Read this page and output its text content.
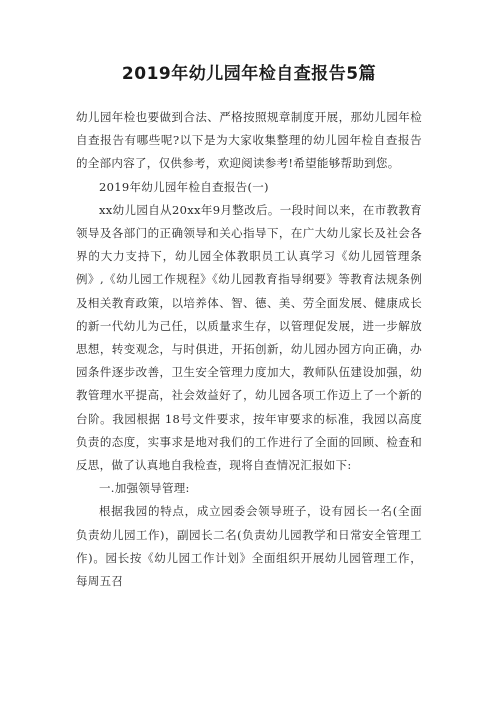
2019年幼儿园年检自查报告5篇

幼儿园年检也要做到合法、严格按照规章制度开展，那幼儿园年检自查报告有哪些呢?以下是为大家收集整理的幼儿园年检自查报告的全部内容了，仅供参考，欢迎阅读参考!希望能够帮助到您。

2019年幼儿园年检自查报告(一)

xx幼儿园自从20xx年9月整改后。一段时间以来，在市教教育领导及各部门的正确领导和关心指导下，在广大幼儿家长及社会各界的大力支持下，幼儿园全体教职员工认真学习《幼儿园管理条例》,《幼儿园工作规程》《幼儿园教育指导纲要》等教育法规条例及相关教育政策，以培养体、智、德、美、劳全面发展、健康成长的新一代幼儿为己任，以质量求生存，以管理促发展，进一步解放思想，转变观念，与时俱进，开拓创新，幼儿园办园方向正确，办园条件逐步改善，卫生安全管理力度加大，教师队伍建设加强，幼教管理水平提高，社会效益好了，幼儿园各项工作迈上了一个新的台阶。我园根据 18号文件要求，按年审要求的标准，我园以高度负责的态度，实事求是地对我们的工作进行了全面的回顾、检查和反思，做了认真地自我检查，现将自查情况汇报如下:

一.加强领导管理:

根据我园的特点，成立园委会领导班子，设有园长一名(全面负责幼儿园工作)，副园长二名(负责幼儿园教学和日常安全管理工作)。园长按《幼儿园工作计划》全面组织开展幼儿园管理工作，每周五召
